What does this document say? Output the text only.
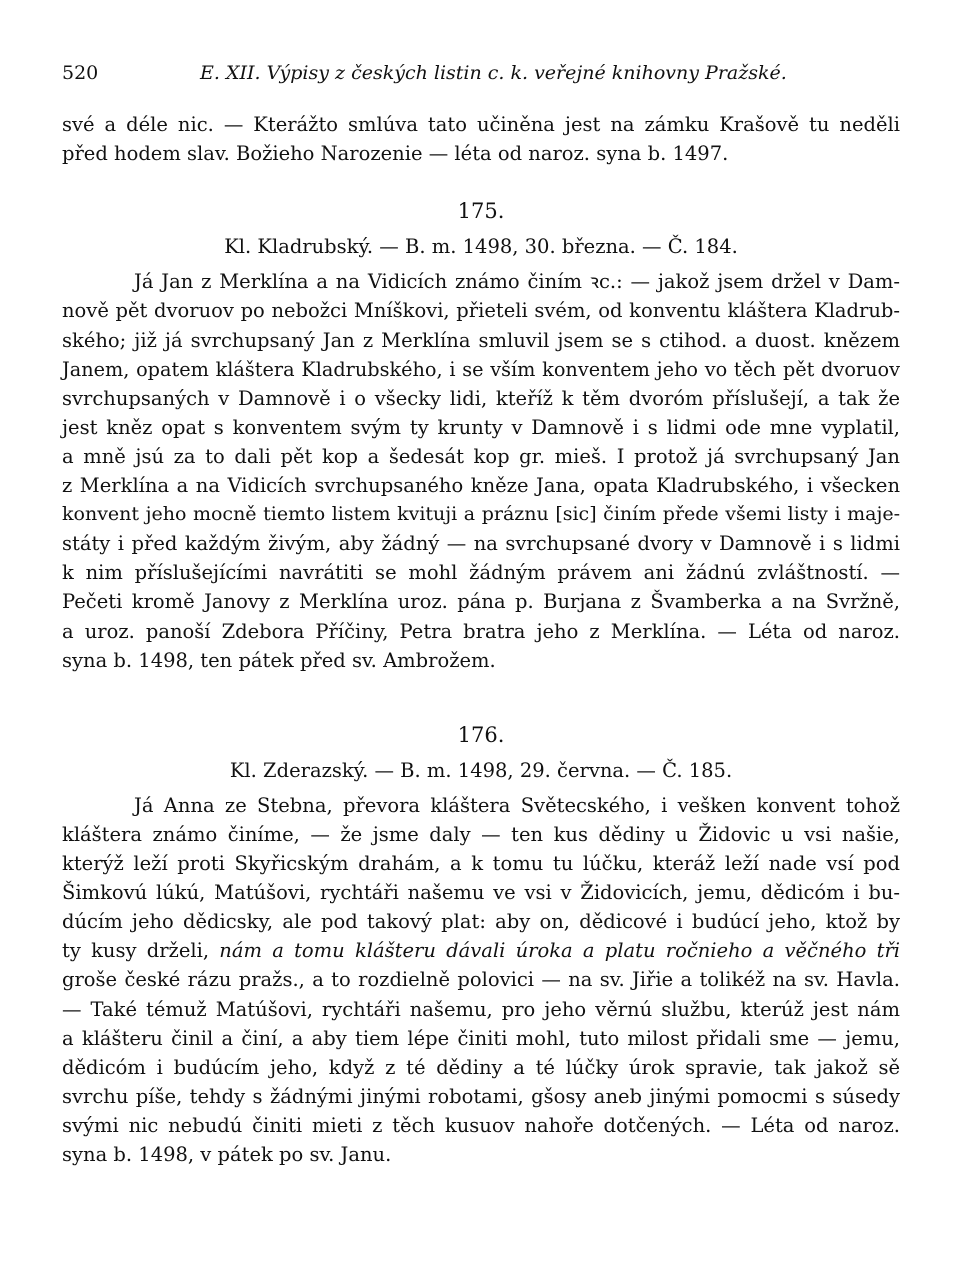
520	E. XII. Výpisy z českých listin c. k. veřejné knihovny Pražské.
své a déle nic. — Kterážto smlúva tato učiněna jest na zámku Krašově tu neděli
před hodem slav. Božieho Narozenie — léta od naroz. syna b. 1497.
175.
Kl. Kladrubský. — B. m. 1498, 30. března. — Č. 184.
Já Jan z Merklína a na Vidicích známo činím ꝛc.: — jakož jsem držel v Dam-
nově pět dvoruov po nebožci Mníškovi, přieteli svém, od konventu kláštera Kladrub-
ského; již já svrchupsaný Jan z Merklína smluvil jsem se s ctihod. a duost. knězem
Janem, opatem kláštera Kladrubského, i se vším konventem jeho vo těch pět dvoruov
svrchupsaných v Damnově i o všecky lidi, kteříž k těm dvoróm příslušejí, a tak že
jest kněz opat s konventem svým ty krunty v Damnově i s lidmi ode mne vyplatil,
a mně jsú za to dali pět kop a šedesát kop gr. mieš. I protož já svrchupsaný Jan
z Merklína a na Vidicích svrchupsaného kněze Jana, opata Kladrubského, i všecken
konvent jeho mocně tiemto listem kvituji a práznu [sic] činím přede všemi listy i maje-
státy i před každým živým, aby žádný — na svrchupsané dvory v Damnově i s lidmi
k nim příslušejícími navrátiti se mohl žádným právem ani žádnú zvláštností. —
Pečeti kromě Janovy z Merklína uroz. pána p. Burjana z Švamberka a na Svržně,
a uroz. panoší Zdebora Příčiny, Petra bratra jeho z Merklína. — Léta od naroz.
syna b. 1498, ten pátek před sv. Ambrožem.
176.
Kl. Zderazský. — B. m. 1498, 29. června. — Č. 185.
Já Anna ze Stebna, převora kláštera Světecského, i vešken konvent tohož
kláštera známo činíme, — že jsme daly — ten kus dědiny u Židovic u vsi našie,
kterýž leží proti Skyřicským drahám, a k tomu tu lúčku, kteráž leží nade vsí pod
Šimkovú lúkú, Matúšovi, rychtáři našemu ve vsi v Židovicích, jemu, dědicóm i bu-
dúcím jeho dědicsky, ale pod takový plat: aby on, dědicové i budúcí jeho, ktož by
ty kusy drželi, nám a tomu klášteru dávali úroka a platu ročnieho a věčného tři
groše české rázu pražs., a to rozdielně polovici — na sv. Jiřie a tolikéž na sv. Havla.
— Také témuž Matúšovi, rychtáři našemu, pro jeho věrnú službu, kterúž jest nám
a klášteru činil a činí, a aby tiem lépe činiti mohl, tuto milost přidali sme — jemu,
dědicóm i budúcím jeho, když z té dědiny a té lúčky úrok spravie, tak jakož sě
svrchu píše, tehdy s žádnými jinými robotami, gšosy aneb jinými pomocmi s súsedy
svými nic nebudú činiti mieti z těch kusuov nahoře dotčených. — Léta od naroz.
syna b. 1498, v pátek po sv. Janu.
